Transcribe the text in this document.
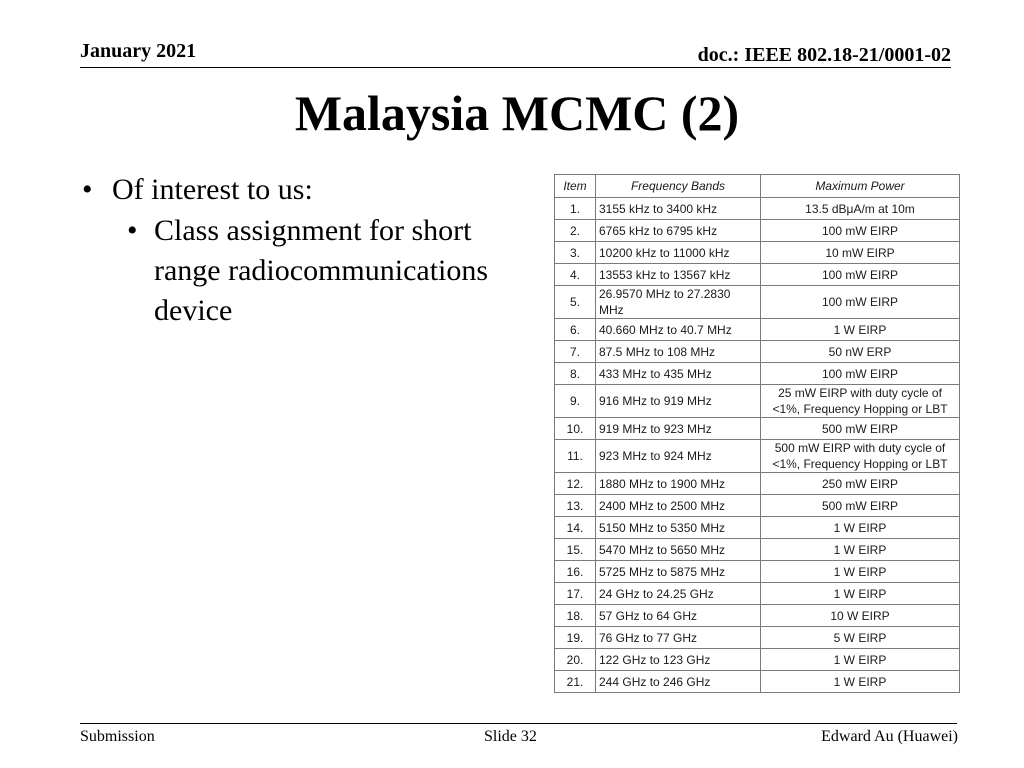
January 2021	doc.: IEEE 802.18-21/0001-02
Malaysia MCMC (2)
• Of interest to us:
• Class assignment for short range radiocommunications device
Item	Frequency Bands	Maximum Power
1.	3155 kHz to 3400 kHz	13.5 dBμA/m at 10m
2.	6765 kHz to 6795 kHz	100 mW EIRP
3.	10200 kHz to 11000 kHz	10 mW EIRP
4.	13553 kHz to 13567 kHz	100 mW EIRP
5.	26.9570 MHz to 27.2830 MHz	100 mW EIRP
6.	40.660 MHz to 40.7 MHz	1 W EIRP
7.	87.5 MHz to 108 MHz	50 nW ERP
8.	433 MHz to 435 MHz	100 mW EIRP
9.	916 MHz to 919 MHz	25 mW EIRP with duty cycle of <1%, Frequency Hopping or LBT
10.	919 MHz to 923 MHz	500 mW EIRP
11.	923 MHz to 924 MHz	500 mW EIRP with duty cycle of <1%, Frequency Hopping or LBT
12.	1880 MHz to 1900 MHz	250 mW EIRP
13.	2400 MHz to 2500 MHz	500 mW EIRP
14.	5150 MHz to 5350 MHz	1 W EIRP
15.	5470 MHz to 5650 MHz	1 W EIRP
16.	5725 MHz to 5875 MHz	1 W EIRP
17.	24 GHz to 24.25 GHz	1 W EIRP
18.	57 GHz to 64 GHz	10 W EIRP
19.	76 GHz to 77 GHz	5 W EIRP
20.	122 GHz to 123 GHz	1 W EIRP
21.	244 GHz to 246 GHz	1 W EIRP
Submission	Slide 32	Edward Au (Huawei)
